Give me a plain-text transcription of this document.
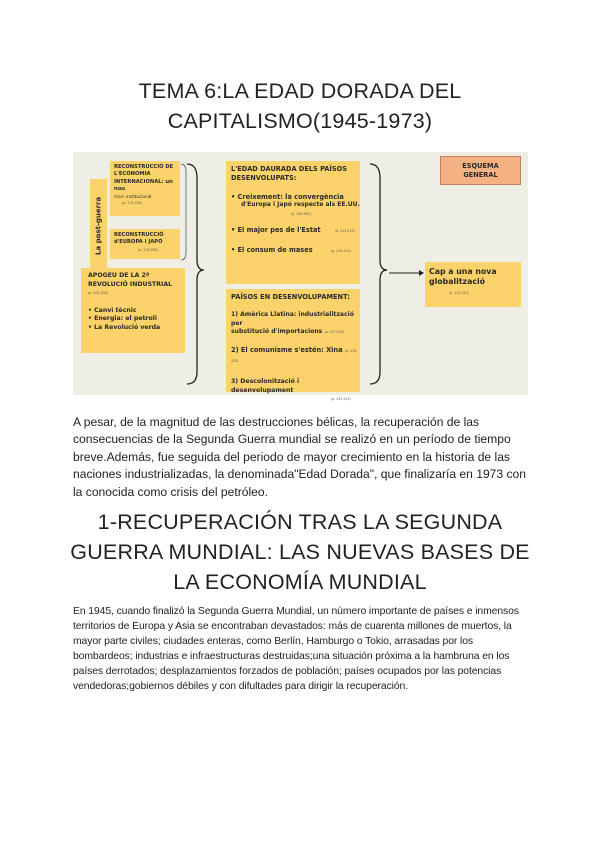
TEMA 6:LA EDAD DORADA DEL CAPITALISMO(1945-1973)
La post-guerra
RECONSTRUCCIÓ DE
L'ECONOMIA
INTERNACIONAL: un nou
marc institucional
(p. 175-180)
RECONSTRUCCIÓ
d'EUROPA I JAPÓ
(p. 176-180)
APOGEU DE LA 2ª
REVOLUCIÓ INDUSTRIAL
(p. 202-206)
• Canvi tècnic
• Energia: el petroli
• La Revolució verda
L'EDAD DAURADA DELS PAÏSOS
DESENVOLUPATS:
• Creixement: la convergència
d'Europa i Japó respecte als EE.UU.
(p. 209-262)
• El major pes de l'Estat	(p. 212-215)
• El consum de mases	(p. 215-219)
PAÏSOS EN DESENVOLUPAMENT:
1) Amèrica Llatina: industrialització per
substitució d'importacions (p. 217-219)
2) El comunisme s'estén: Xina (p. 219-223)
3) Descolonització i desenvolupament
(p. 225-232)
ESQUEMA
GENERAL
Cap a una nova
globalització
(p. 222-233)

A pesar, de la magnitud de las destrucciones bélicas, la recuperación de las consecuencias de la Segunda Guerra mundial se realizó en un período de tiempo breve.Además, fue seguida del periodo de mayor crecimiento en la historia de las naciones industrializadas, la denominada"Edad Dorada", que finalizaría en 1973 con la conocida como crisis del petróleo.

1-RECUPERACIÓN TRAS LA SEGUNDA GUERRA MUNDIAL: LAS NUEVAS BASES DE LA ECONOMÍA MUNDIAL

En 1945, cuando finalizó la Segunda Guerra Mundial, un número importante de países e inmensos territorios de Europa y Asia se encontraban devastados: más de cuarenta millones de muertos, la mayor parte civiles; ciudades enteras, como Berlín, Hamburgo o Tokio, arrasadas por los bombardeos; industrias e infraestructuras destruidas;una situación próxima a la hambruna en los países derrotados; desplazamientos forzados de población; países ocupados por las potencias vendedoras;gobiernos débiles y con difultades para dirigir la recuperación.
